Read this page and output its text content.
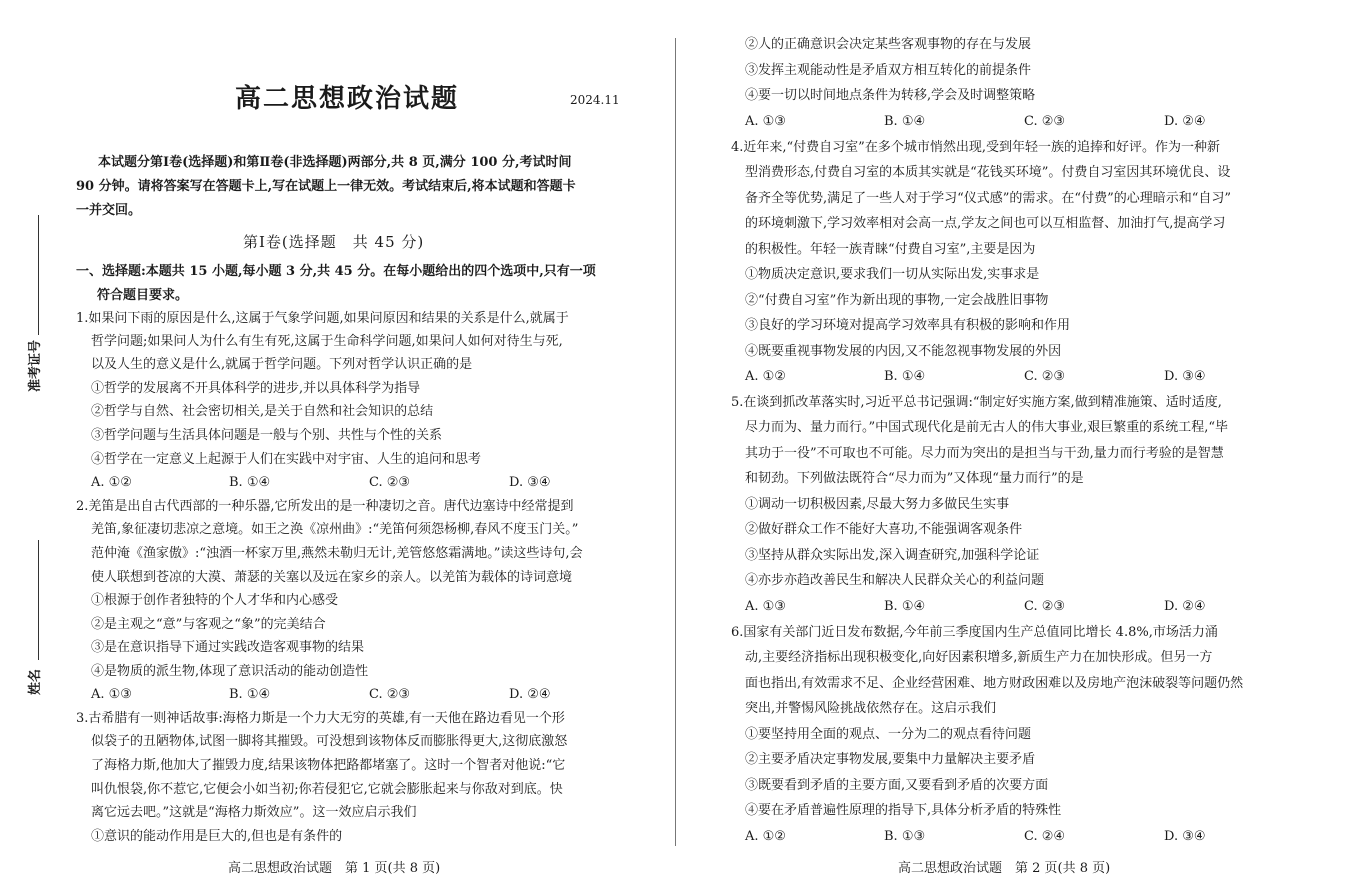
准考证号
姓名
高二思想政治试题	2024.11
本试题分第Ⅰ卷(选择题)和第Ⅱ卷(非选择题)两部分,共 8 页,满分 100 分,考试时间
90 分钟。请将答案写在答题卡上,写在试题上一律无效。考试结束后,将本试题和答题卡
一并交回。
第Ⅰ卷(选择题　共 45 分)
一、选择题:本题共 15 小题,每小题 3 分,共 45 分。在每小题给出的四个选项中,只有一项
符合题目要求。
1.如果问下雨的原因是什么,这属于气象学问题,如果问原因和结果的关系是什么,就属于
哲学问题;如果问人为什么有生有死,这属于生命科学问题,如果问人如何对待生与死,
以及人生的意义是什么,就属于哲学问题。下列对哲学认识正确的是
①哲学的发展离不开具体科学的进步,并以具体科学为指导
②哲学与自然、社会密切相关,是关于自然和社会知识的总结
③哲学问题与生活具体问题是一般与个别、共性与个性的关系
④哲学在一定意义上起源于人们在实践中对宇宙、人生的追问和思考
A. ①②	B. ①④	C. ②③	D. ③④
2.羌笛是出自古代西部的一种乐器,它所发出的是一种凄切之音。唐代边塞诗中经常提到
羌笛,象征凄切悲凉之意境。如王之涣《凉州曲》:“羌笛何须怨杨柳,春风不度玉门关。”
范仲淹《渔家傲》:“浊酒一杯家万里,燕然未勒归无计,羌管悠悠霜满地。”读这些诗句,会
使人联想到苍凉的大漠、萧瑟的关塞以及远在家乡的亲人。以羌笛为载体的诗词意境
①根源于创作者独特的个人才华和内心感受
②是主观之“意”与客观之“象”的完美结合
③是在意识指导下通过实践改造客观事物的结果
④是物质的派生物,体现了意识活动的能动创造性
A. ①③	B. ①④	C. ②③	D. ②④
3.古希腊有一则神话故事:海格力斯是一个力大无穷的英雄,有一天他在路边看见一个形
似袋子的丑陋物体,试图一脚将其摧毁。可没想到该物体反而膨胀得更大,这彻底激怒
了海格力斯,他加大了摧毁力度,结果该物体把路都堵塞了。这时一个智者对他说:“它
叫仇恨袋,你不惹它,它便会小如当初;你若侵犯它,它就会膨胀起来与你敌对到底。快
离它远去吧。”这就是“海格力斯效应”。这一效应启示我们
①意识的能动作用是巨大的,但也是有条件的
高二思想政治试题　第 1 页(共 8 页)
②人的正确意识会决定某些客观事物的存在与发展
③发挥主观能动性是矛盾双方相互转化的前提条件
④要一切以时间地点条件为转移,学会及时调整策略
A. ①③	B. ①④	C. ②③	D. ②④
4.近年来,“付费自习室”在多个城市悄然出现,受到年轻一族的追捧和好评。作为一种新
型消费形态,付费自习室的本质其实就是“花钱买环境”。付费自习室因其环境优良、设
备齐全等优势,满足了一些人对于学习“仪式感”的需求。在“付费”的心理暗示和“自习”
的环境刺激下,学习效率相对会高一点,学友之间也可以互相监督、加油打气,提高学习
的积极性。年轻一族青睐“付费自习室”,主要是因为
①物质决定意识,要求我们一切从实际出发,实事求是
②“付费自习室”作为新出现的事物,一定会战胜旧事物
③良好的学习环境对提高学习效率具有积极的影响和作用
④既要重视事物发展的内因,又不能忽视事物发展的外因
A. ①②	B. ①④	C. ②③	D. ③④
5.在谈到抓改革落实时,习近平总书记强调:“制定好实施方案,做到精准施策、适时适度,
尽力而为、量力而行。”中国式现代化是前无古人的伟大事业,艰巨繁重的系统工程,“毕
其功于一役”不可取也不可能。尽力而为突出的是担当与干劲,量力而行考验的是智慧
和韧劲。下列做法既符合“尽力而为”又体现“量力而行”的是
①调动一切积极因素,尽最大努力多做民生实事
②做好群众工作不能好大喜功,不能强调客观条件
③坚持从群众实际出发,深入调查研究,加强科学论证
④亦步亦趋改善民生和解决人民群众关心的利益问题
A. ①③	B. ①④	C. ②③	D. ②④
6.国家有关部门近日发布数据,今年前三季度国内生产总值同比增长 4.8%,市场活力涌
动,主要经济指标出现积极变化,向好因素积增多,新质生产力在加快形成。但另一方
面也指出,有效需求不足、企业经营困难、地方财政困难以及房地产泡沫破裂等问题仍然
突出,并警惕风险挑战依然存在。这启示我们
①要坚持用全面的观点、一分为二的观点看待问题
②主要矛盾决定事物发展,要集中力量解决主要矛盾
③既要看到矛盾的主要方面,又要看到矛盾的次要方面
④要在矛盾普遍性原理的指导下,具体分析矛盾的特殊性
A. ①②	B. ①③	C. ②④	D. ③④
高二思想政治试题　第 2 页(共 8 页)
